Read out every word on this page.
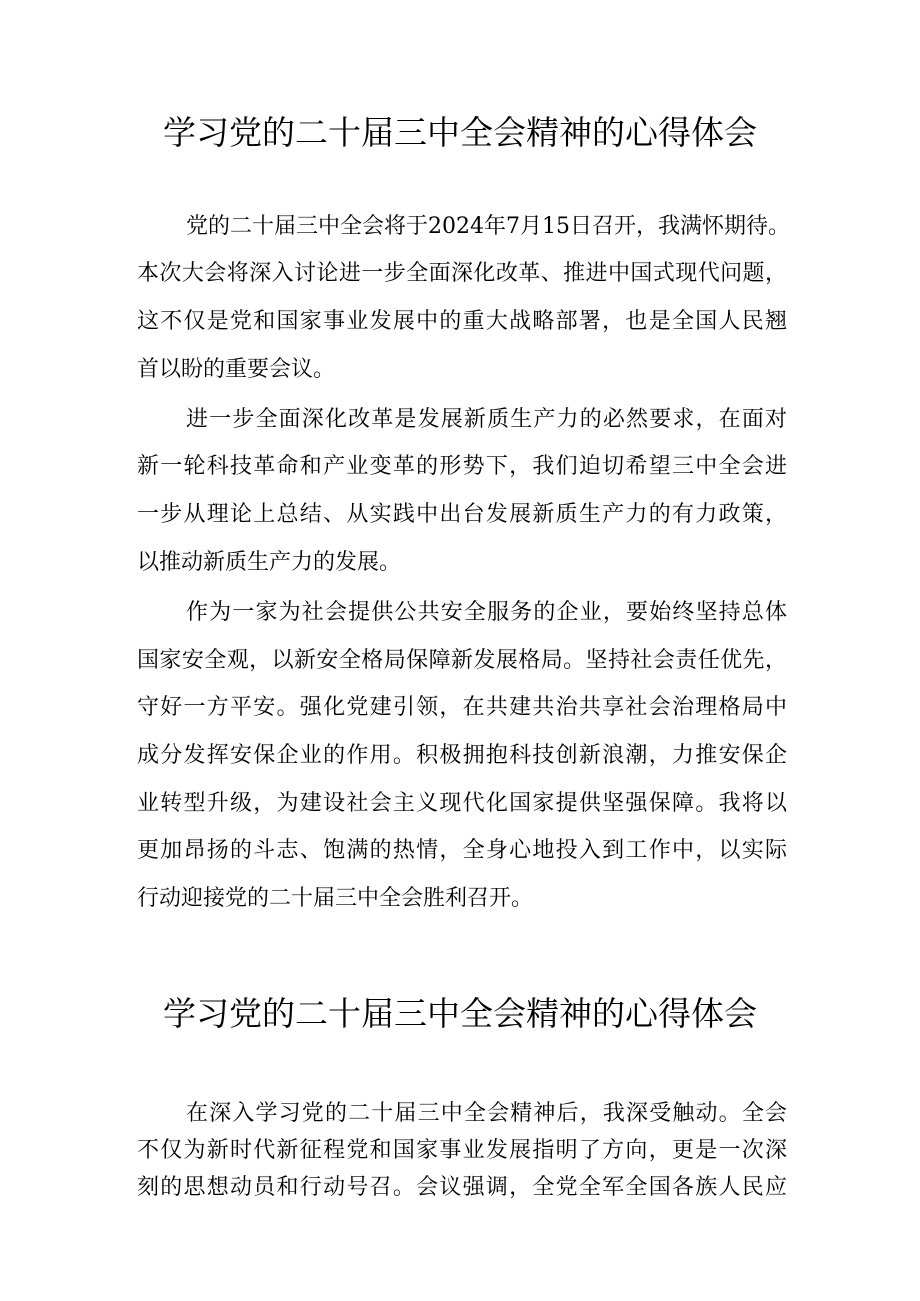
学习党的二十届三中全会精神的心得体会

党的二十届三中全会将于2024年7月15日召开，我满怀期待。

本次大会将深入讨论进一步全面深化改革、推进中国式现代问题，

这不仅是党和国家事业发展中的重大战略部署，也是全国人民翘

首以盼的重要会议。

进一步全面深化改革是发展新质生产力的必然要求，在面对

新一轮科技革命和产业变革的形势下，我们迫切希望三中全会进

一步从理论上总结、从实践中出台发展新质生产力的有力政策，

以推动新质生产力的发展。

作为一家为社会提供公共安全服务的企业，要始终坚持总体

国家安全观，以新安全格局保障新发展格局。坚持社会责任优先，

守好一方平安。强化党建引领，在共建共治共享社会治理格局中

成分发挥安保企业的作用。积极拥抱科技创新浪潮，力推安保企

业转型升级，为建设社会主义现代化国家提供坚强保障。我将以

更加昂扬的斗志、饱满的热情，全身心地投入到工作中，以实际

行动迎接党的二十届三中全会胜利召开。

学习党的二十届三中全会精神的心得体会

在深入学习党的二十届三中全会精神后，我深受触动。全会

不仅为新时代新征程党和国家事业发展指明了方向，更是一次深

刻的思想动员和行动号召。会议强调，全党全军全国各族人民应
